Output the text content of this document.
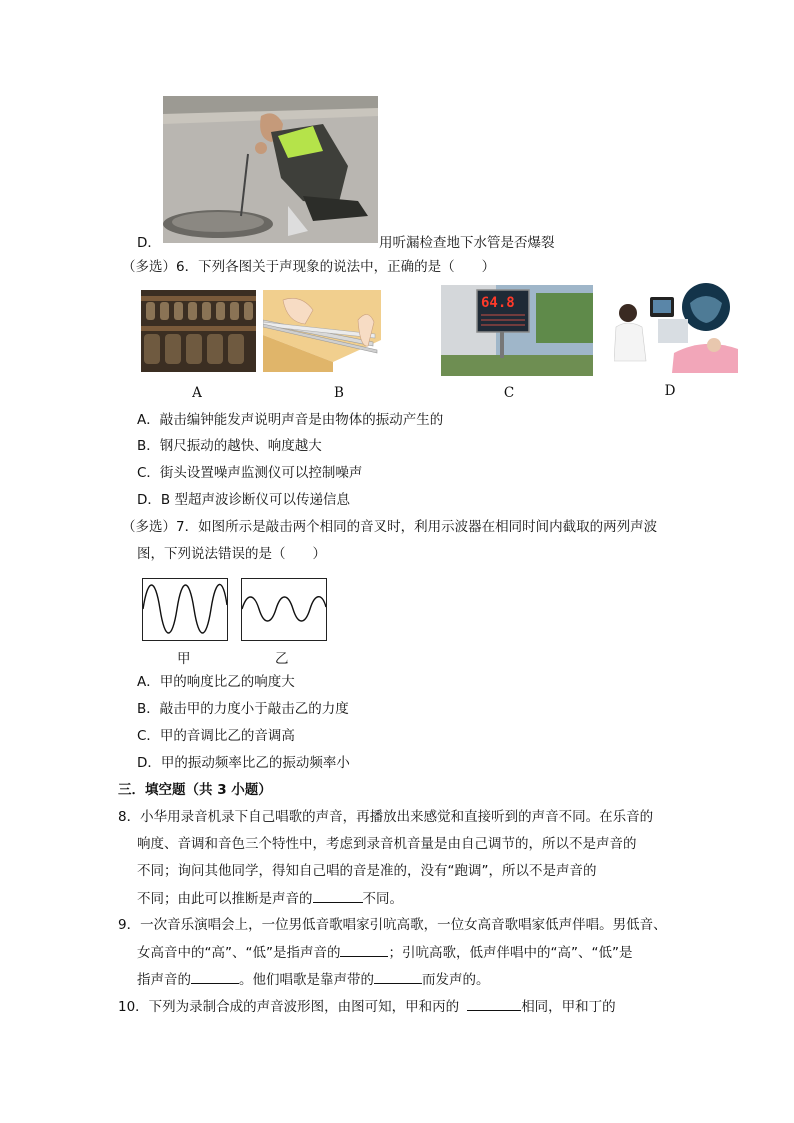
D．	用听漏检查地下水管是否爆裂
（多选）6．下列各图关于声现象的说法中，正确的是（　　）
64.8
A	B	C	D
A．敲击编钟能发声说明声音是由物体的振动产生的
B．钢尺振动的越快、响度越大
C．街头设置噪声监测仪可以控制噪声
D．B 型超声波诊断仪可以传递信息
（多选）7．如图所示是敲击两个相同的音叉时，利用示波器在相同时间内截取的两列声波
图，下列说法错误的是（　　）
甲	乙
A．甲的响度比乙的响度大
B．敲击甲的力度小于敲击乙的力度
C．甲的音调比乙的音调高
D．甲的振动频率比乙的振动频率小
三．填空题（共 3 小题）
8．小华用录音机录下自己唱歌的声音，再播放出来感觉和直接听到的声音不同。在乐音的
响度、音调和音色三个特性中，考虑到录音机音量是由自己调节的，所以不是声音的
不同；询问其他同学，得知自己唱的音是准的，没有“跑调”，所以不是声音的
不同；由此可以推断是声音的	不同。
9．一次音乐演唱会上，一位男低音歌唱家引吭高歌，一位女高音歌唱家低声伴唱。男低音、
女高音中的“高”、“低”是指声音的	；引吭高歌，低声伴唱中的“高”、“低”是
指声音的	。他们唱歌是靠声带的	而发声的。
10．下列为录制合成的声音波形图，由图可知，甲和丙的	相同，甲和丁的
